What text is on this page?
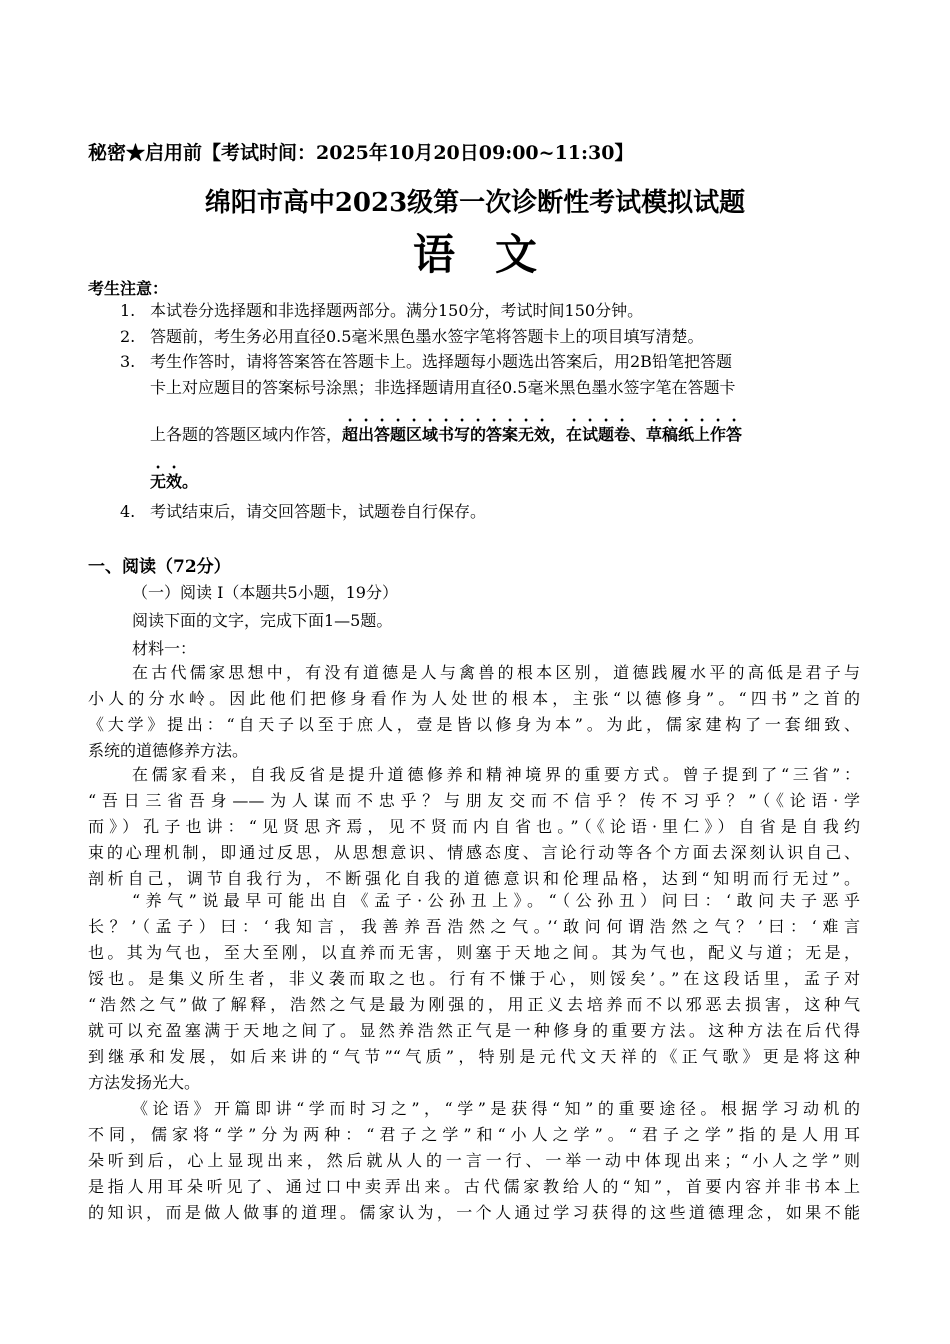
秘密★启用前【考试时间：2025年10月20日09:00~11:30】
绵阳市高中2023级第一次诊断性考试模拟试题
语文
考生注意：
1. 本试卷分选择题和非选择题两部分。满分150分，考试时间150分钟。
2. 答题前，考生务必用直径0.5毫米黑色墨水签字笔将答题卡上的项目填写清楚。
3. 考生作答时，请将答案答在答题卡上。选择题每小题选出答案后，用2B铅笔把答题
卡上对应题目的答案标号涂黑；非选择题请用直径0.5毫米黑色墨水签字笔在答题卡
上各题的答题区域内作答，超出答题区域书写的答案无效，在试题卷、草稿纸上作答
无效。
4. 考试结束后，请交回答题卡，试题卷自行保存。
一、阅读（72分）
（一）阅读 I（本题共5小题，19分）
阅读下面的文字，完成下面1—5题。
材料一：
在古代儒家思想中，有没有道德是人与禽兽的根本区别，道德践履水平的高低是君子与
小人的分水岭。因此他们把修身看作为人处世的根本，主张“以德修身”。“四书”之首的
《大学》提出：“自天子以至于庶人，壹是皆以修身为本”。为此，儒家建构了一套细致、
系统的道德修养方法。
在儒家看来，自我反省是提升道德修养和精神境界的重要方式。曾子提到了“三省”：
“吾日三省吾身——为人谋而不忠乎？与朋友交而不信乎？传不习乎？”（《论语·学
而》）孔子也讲：“见贤思齐焉，见不贤而内自省也。”（《论语·里仁》）自省是自我约
束的心理机制，即通过反思，从思想意识、情感态度、言论行动等各个方面去深刻认识自己、
剖析自己，调节自我行为，不断强化自我的道德意识和伦理品格，达到“知明而行无过”。
“养气”说最早可能出自《孟子·公孙丑上》。“（公孙丑）问曰：‘敢问夫子恶乎
长？’（孟子）曰：‘我知言，我善养吾浩然之气。’‘敢问何谓浩然之气？’曰：‘难言
也。其为气也，至大至刚，以直养而无害，则塞于天地之间。其为气也，配义与道；无是，
馁也。是集义所生者，非义袭而取之也。行有不慊于心，则馁矣’。”在这段话里，孟子对
“浩然之气”做了解释，浩然之气是最为刚强的，用正义去培养而不以邪恶去损害，这种气
就可以充盈塞满于天地之间了。显然养浩然正气是一种修身的重要方法。这种方法在后代得
到继承和发展，如后来讲的“气节”“气质”，特别是元代文天祥的《正气歌》更是将这种
方法发扬光大。
《论语》开篇即讲“学而时习之”，“学”是获得“知”的重要途径。根据学习动机的
不同，儒家将“学”分为两种：“君子之学”和“小人之学”。“君子之学”指的是人用耳
朵听到后，心上显现出来，然后就从人的一言一行、一举一动中体现出来；“小人之学”则
是指人用耳朵听见了、通过口中卖弄出来。古代儒家教给人的“知”，首要内容并非书本上
的知识，而是做人做事的道理。儒家认为，一个人通过学习获得的这些道德理念，如果不能
